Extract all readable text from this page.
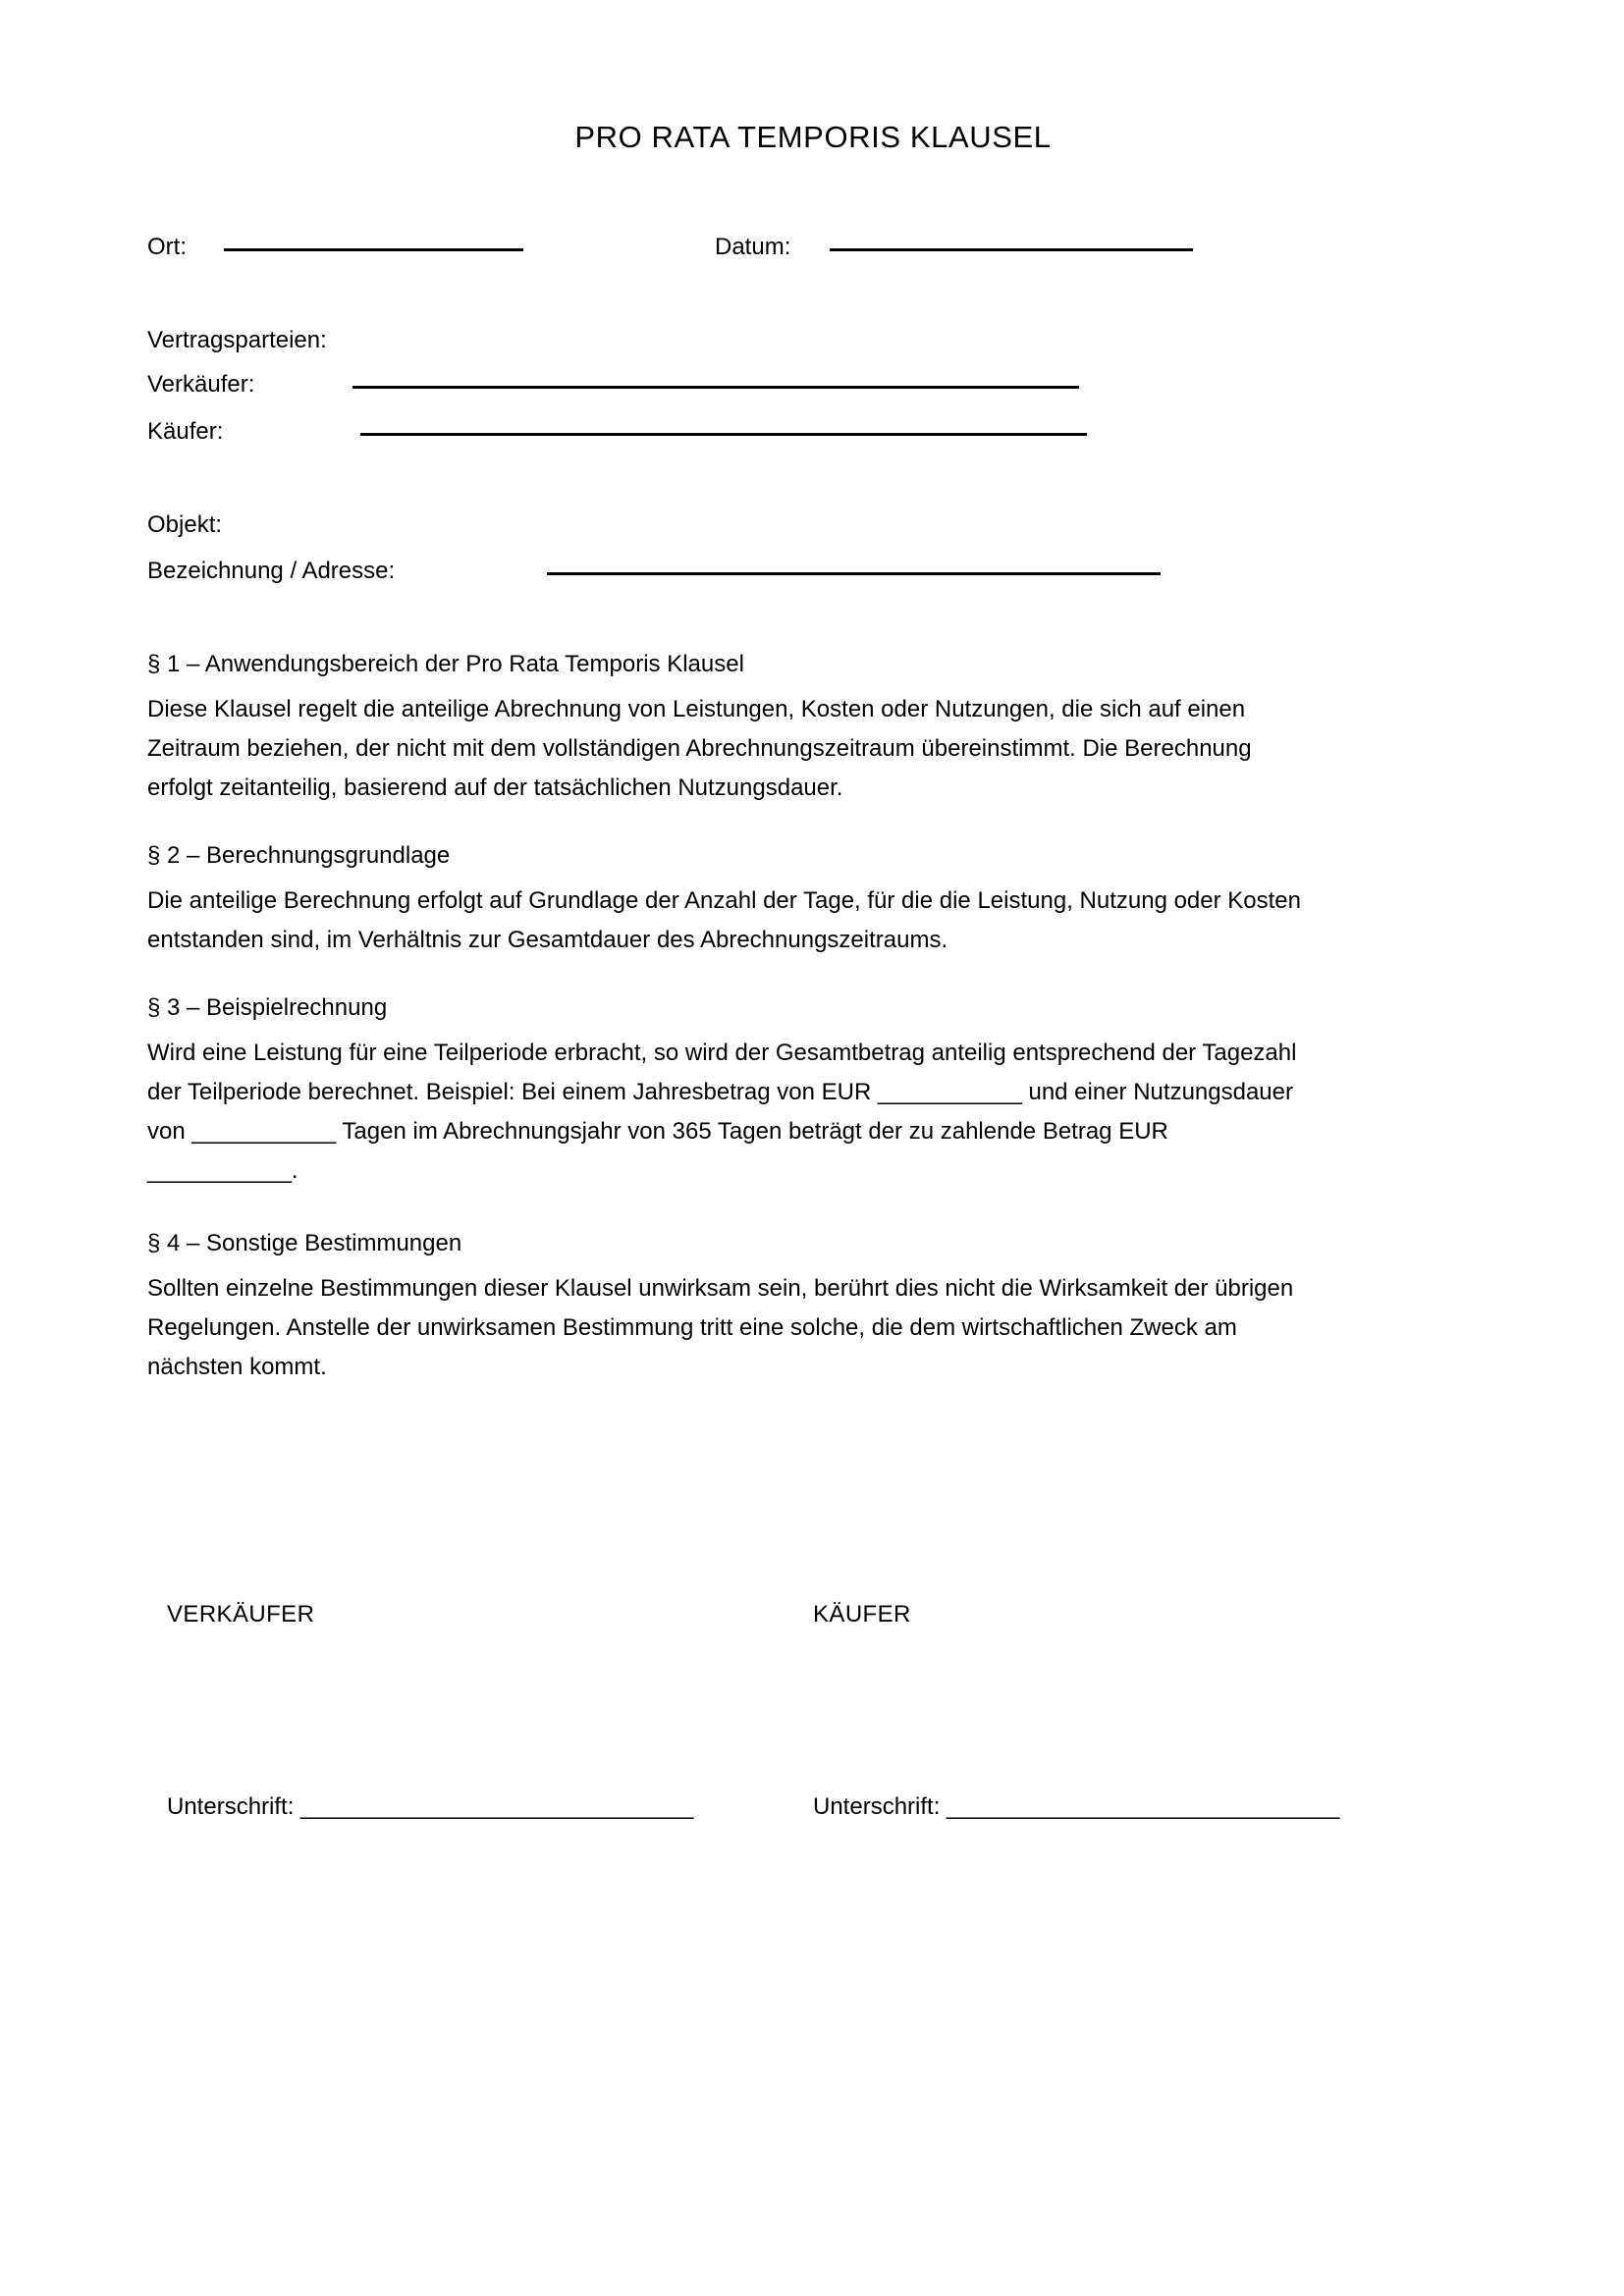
PRO RATA TEMPORIS KLAUSEL
Ort:	Datum:
Vertragsparteien:
Verkäufer:
Käufer:
Objekt:
Bezeichnung / Adresse:

§ 1 – Anwendungsbereich der Pro Rata Temporis Klausel

Diese Klausel regelt die anteilige Abrechnung von Leistungen, Kosten oder Nutzungen, die sich auf einen Zeitraum beziehen, der nicht mit dem vollständigen Abrechnungszeitraum übereinstimmt. Die Berechnung erfolgt zeitanteilig, basierend auf der tatsächlichen Nutzungsdauer.

§ 2 – Berechnungsgrundlage

Die anteilige Berechnung erfolgt auf Grundlage der Anzahl der Tage, für die die Leistung, Nutzung oder Kosten entstanden sind, im Verhältnis zur Gesamtdauer des Abrechnungszeitraums.

§ 3 – Beispielrechnung

Wird eine Leistung für eine Teilperiode erbracht, so wird der Gesamtbetrag anteilig entsprechend der Tagezahl der Teilperiode berechnet. Beispiel: Bei einem Jahresbetrag von EUR ___________ und einer Nutzungsdauer von ___________ Tagen im Abrechnungsjahr von 365 Tagen beträgt der zu zahlende Betrag EUR ___________.

§ 4 – Sonstige Bestimmungen

Sollten einzelne Bestimmungen dieser Klausel unwirksam sein, berührt dies nicht die Wirksamkeit der übrigen Regelungen. Anstelle der unwirksamen Bestimmung tritt eine solche, die dem wirtschaftlichen Zweck am nächsten kommt.

VERKÄUFER	KÄUFER
Unterschrift: ______________________________	Unterschrift: ______________________________
